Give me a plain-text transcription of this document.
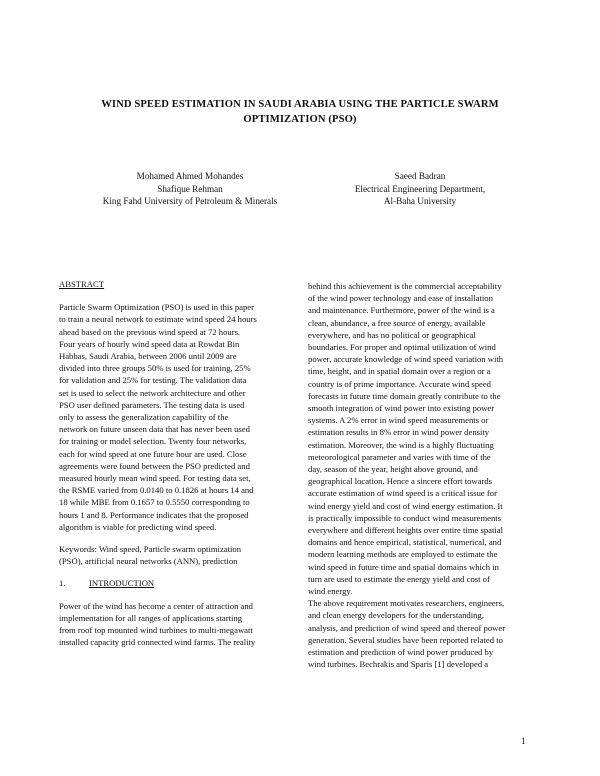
WIND SPEED ESTIMATION IN SAUDI ARABIA USING THE PARTICLE SWARM
OPTIMIZATION (PSO)
Mohamed Ahmed Mohandes
Shafique Rehman
King Fahd University of Petroleum & Minerals
Saeed Badran
Electrical Engineering Department,
Al-Baha University
ABSTRACT

Particle Swarm Optimization (PSO) is used in this paper
to train a neural network to estimate wind speed 24 hours
ahead based on the previous wind speed at 72 hours.
Four years of hourly wind speed data at Rowdat Bin
Habbas, Saudi Arabia, between 2006 until 2009 are
divided into three groups 50% is used for training, 25%
for validation and 25% for testing. The validation data
set is used to select the network architecture and other
PSO user defined parameters. The testing data is used
only to assess the generalization capability of the
network on future unseen data that has never been used
for training or model selection. Twenty four networks,
each for wind speed at one future hour are used. Close
agreements were found between the PSO predicted and
measured hourly mean wind speed. For testing data set,
the RSME varied from 0.0140 to 0.1826 at hours 14 and
18 while MBE from 0.1657 to 0.5550 corresponding to
hours 1 and 8. Performance indicates that the proposed
algorithm is viable for predicting wind speed.

Keywords: Wind speed, Particle swarm optimization
(PSO), artificial neural networks (ANN), prediction

1.	INTRODUCTION

Power of the wind has become a center of attraction and
implementation for all ranges of applications starting
from roof top mounted wind turbines to multi-megawatt
installed capacity grid connected wind farms. The reality

behind this achievement is the commercial acceptability
of the wind power technology and ease of installation
and maintenance. Furthermore, power of the wind is a
clean, abundance, a free source of energy, available
everywhere, and has no political or geographical
boundaries. For proper and optimal utilization of wind
power, accurate knowledge of wind speed variation with
time, height, and in spatial domain over a region or a
country is of prime importance. Accurate wind speed
forecasts in future time domain greatly contribute to the
smooth integration of wind power into existing power
systems. A 2% error in wind speed measurements or
estimation results in 8% error in wind power density
estimation. Moreover, the wind is a highly fluctuating
meteorological parameter and varies with time of the
day, season of the year, height above ground, and
geographical location. Hence a sincere effort towards
accurate estimation of wind speed is a critical issue for
wind energy yield and cost of wind energy estimation. It
is practically impossible to conduct wind measurements
everywhere and different heights over entire time spatial
domains and hence empirical, statistical, numerical, and
modern learning methods are employed to estimate the
wind speed in future time and spatial domains which in
turn are used to estimate the energy yield and cost of
wind energy.
The above requirement motivates researchers, engineers,
and clean energy developers for the understanding,
analysis, and prediction of wind speed and thereof power
generation. Several studies have been reported related to
estimation and prediction of wind power produced by
wind turbines. Bechrakis and Sparis [1] developed a

1
